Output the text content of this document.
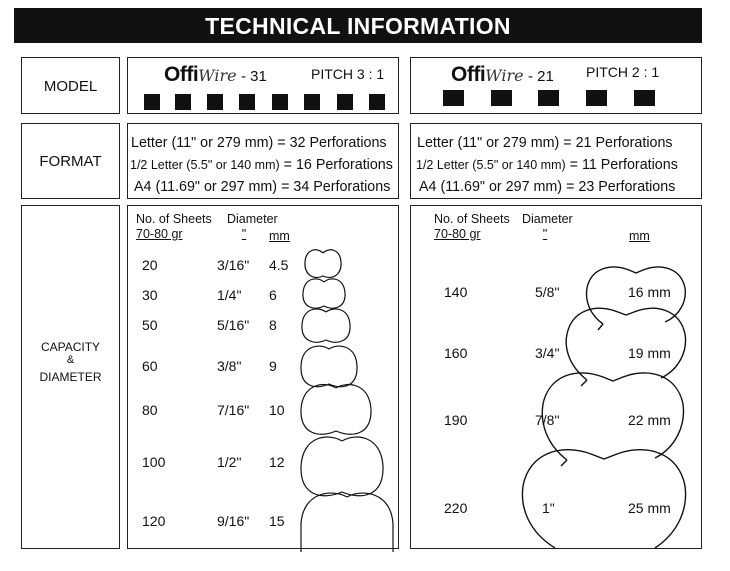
TECHNICAL INFORMATION
MODEL
FORMAT
CAPACITY
&
DIAMETER
OffiWire - 31	PITCH 3 : 1
Letter (11" or 279 mm) = 32 Perforations
1/2 Letter (5.5" or 140 mm) = 16 Perforations
A4 (11.69" or 297 mm) = 34 Perforations
No. of Sheets
70-80 gr
Diameter
"	mm
20	3/16" 4.5
30	1/4" 6
50	5/16" 8
60	3/8" 9
80	7/16" 10
100	1/2" 12
120	9/16" 15
OffiWire - 21 PITCH 2 : 1
Letter (11" or 279 mm) = 21 Perforations
1/2 Letter (5.5" or 140 mm) = 11 Perforations
A4 (11.69" or 297 mm) = 23 Perforations
No. of Sheets
70-80 gr
Diameter
"	mm
140	5/8"	16 mm
160	3/4"	19 mm
190	7/8"	22 mm
220	1"	25 mm
